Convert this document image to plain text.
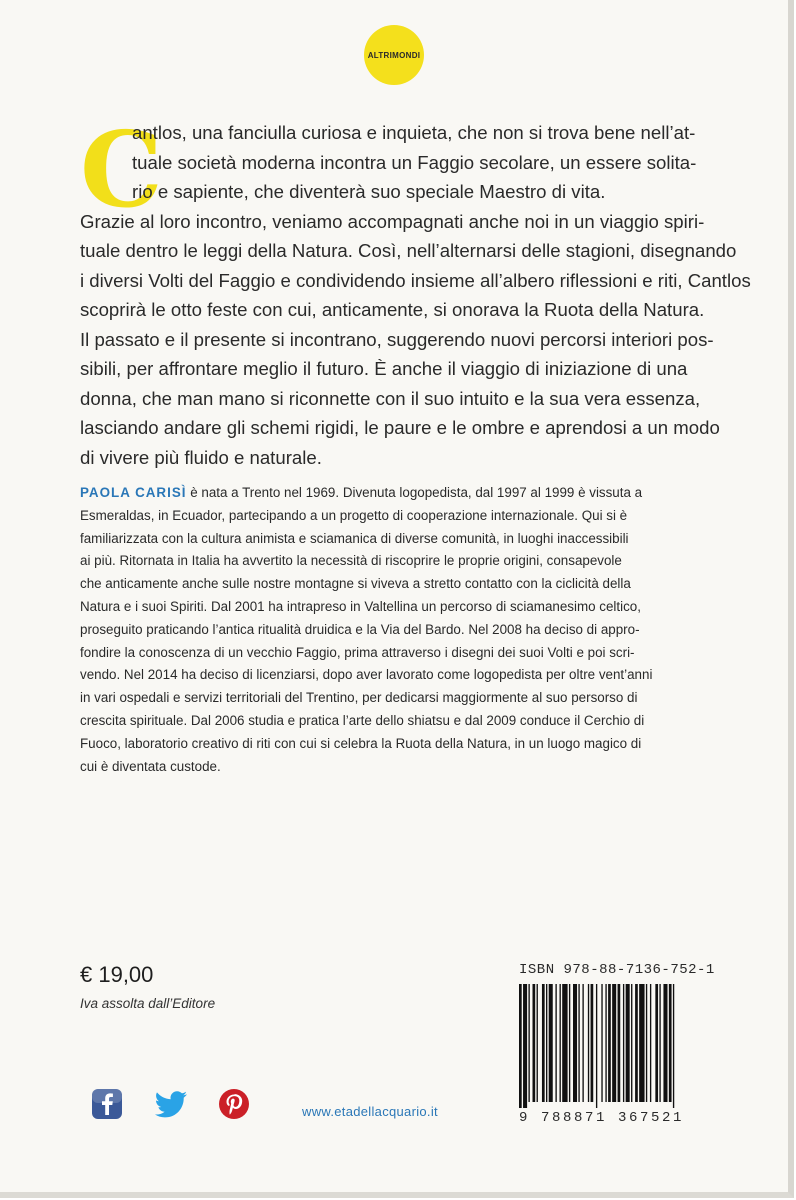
ALTRIMONDI
C
antlos, una fanciulla curiosa e inquieta, che non si trova bene nell’at-
tuale società moderna incontra un Faggio secolare, un essere solita-
rio e sapiente, che diventerà suo speciale Maestro di vita.
Grazie al loro incontro, veniamo accompagnati anche noi in un viaggio spiri-
tuale dentro le leggi della Natura. Così, nell’alternarsi delle stagioni, disegnando
i diversi Volti del Faggio e condividendo insieme all’albero riflessioni e riti, Cantlos
scoprirà le otto feste con cui, anticamente, si onorava la Ruota della Natura.
Il passato e il presente si incontrano, suggerendo nuovi percorsi interiori pos-
sibili, per affrontare meglio il futuro. È anche il viaggio di iniziazione di una
donna, che man mano si riconnette con il suo intuito e la sua vera essenza,
lasciando andare gli schemi rigidi, le paure e le ombre e aprendosi a un modo
di vivere più fluido e naturale.
PAOLA CARISÌ è nata a Trento nel 1969. Divenuta logopedista, dal 1997 al 1999 è vissuta a
Esmeraldas, in Ecuador, partecipando a un progetto di cooperazione internazionale. Qui si è
familiarizzata con la cultura animista e sciamanica di diverse comunità, in luoghi inaccessibili
ai più. Ritornata in Italia ha avvertito la necessità di riscoprire le proprie origini, consapevole
che anticamente anche sulle nostre montagne si viveva a stretto contatto con la ciclicità della
Natura e i suoi Spiriti. Dal 2001 ha intrapreso in Valtellina un percorso di sciamanesimo celtico,
proseguito praticando l’antica ritualità druidica e la Via del Bardo. Nel 2008 ha deciso di appro-
fondire la conoscenza di un vecchio Faggio, prima attraverso i disegni dei suoi Volti e poi scri-
vendo. Nel 2014 ha deciso di licenziarsi, dopo aver lavorato come logopedista per oltre vent’anni
in vari ospedali e servizi territoriali del Trentino, per dedicarsi maggiormente al suo persorso di
crescita spirituale. Dal 2006 studia e pratica l’arte dello shiatsu e dal 2009 conduce il Cerchio di
Fuoco, laboratorio creativo di riti con cui si celebra la Ruota della Natura, in un luogo magico di
cui è diventata custode.
€ 19,00
Iva assolta dall’Editore
ISBN 978-88-7136-752-1
9 788871 367521
www.etadellacquario.it
